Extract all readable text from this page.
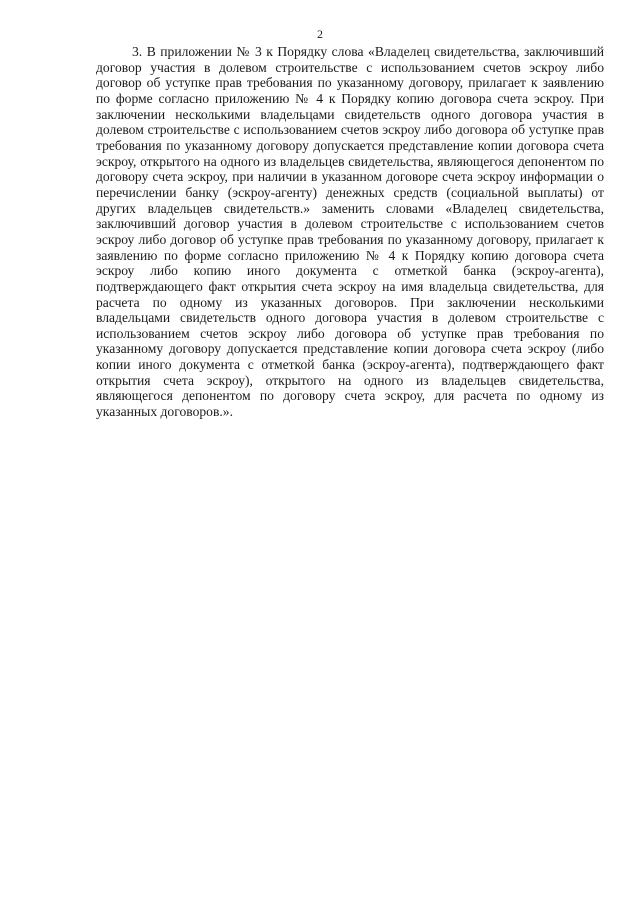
2

3. В приложении № 3 к Порядку слова «Владелец свидетельства, заключивший договор участия в долевом строительстве с использованием счетов эскроу либо договор об уступке прав требования по указанному договору, прилагает к заявлению по форме согласно приложению № 4 к Порядку копию договора счета эскроу. При заключении несколькими владельцами свидетельств одного договора участия в долевом строительстве с использованием счетов эскроу либо договора об уступке прав требования по указанному договору допускается представление копии договора счета эскроу, открытого на одного из владельцев свидетельства, являющегося депонентом по договору счета эскроу, при наличии в указанном договоре счета эскроу информации о перечислении банку (эскроу-агенту) денежных средств (социальной выплаты) от других владельцев свидетельств.» заменить словами «Владелец свидетельства, заключивший договор участия в долевом строительстве с использованием счетов эскроу либо договор об уступке прав требования по указанному договору, прилагает к заявлению по форме согласно приложению № 4 к Порядку копию договора счета эскроу либо копию иного документа с отметкой банка (эскроу-агента), подтверждающего факт открытия счета эскроу на имя владельца свидетельства, для расчета по одному из указанных договоров. При заключении несколькими владельцами свидетельств одного договора участия в долевом строительстве с использованием счетов эскроу либо договора об уступке прав требования по указанному договору допускается представление копии договора счета эскроу (либо копии иного документа с отметкой банка (эскроу-агента), подтверждающего факт открытия счета эскроу), открытого на одного из владельцев свидетельства, являющегося депонентом по договору счета эскроу, для расчета по одному из указанных договоров.».
